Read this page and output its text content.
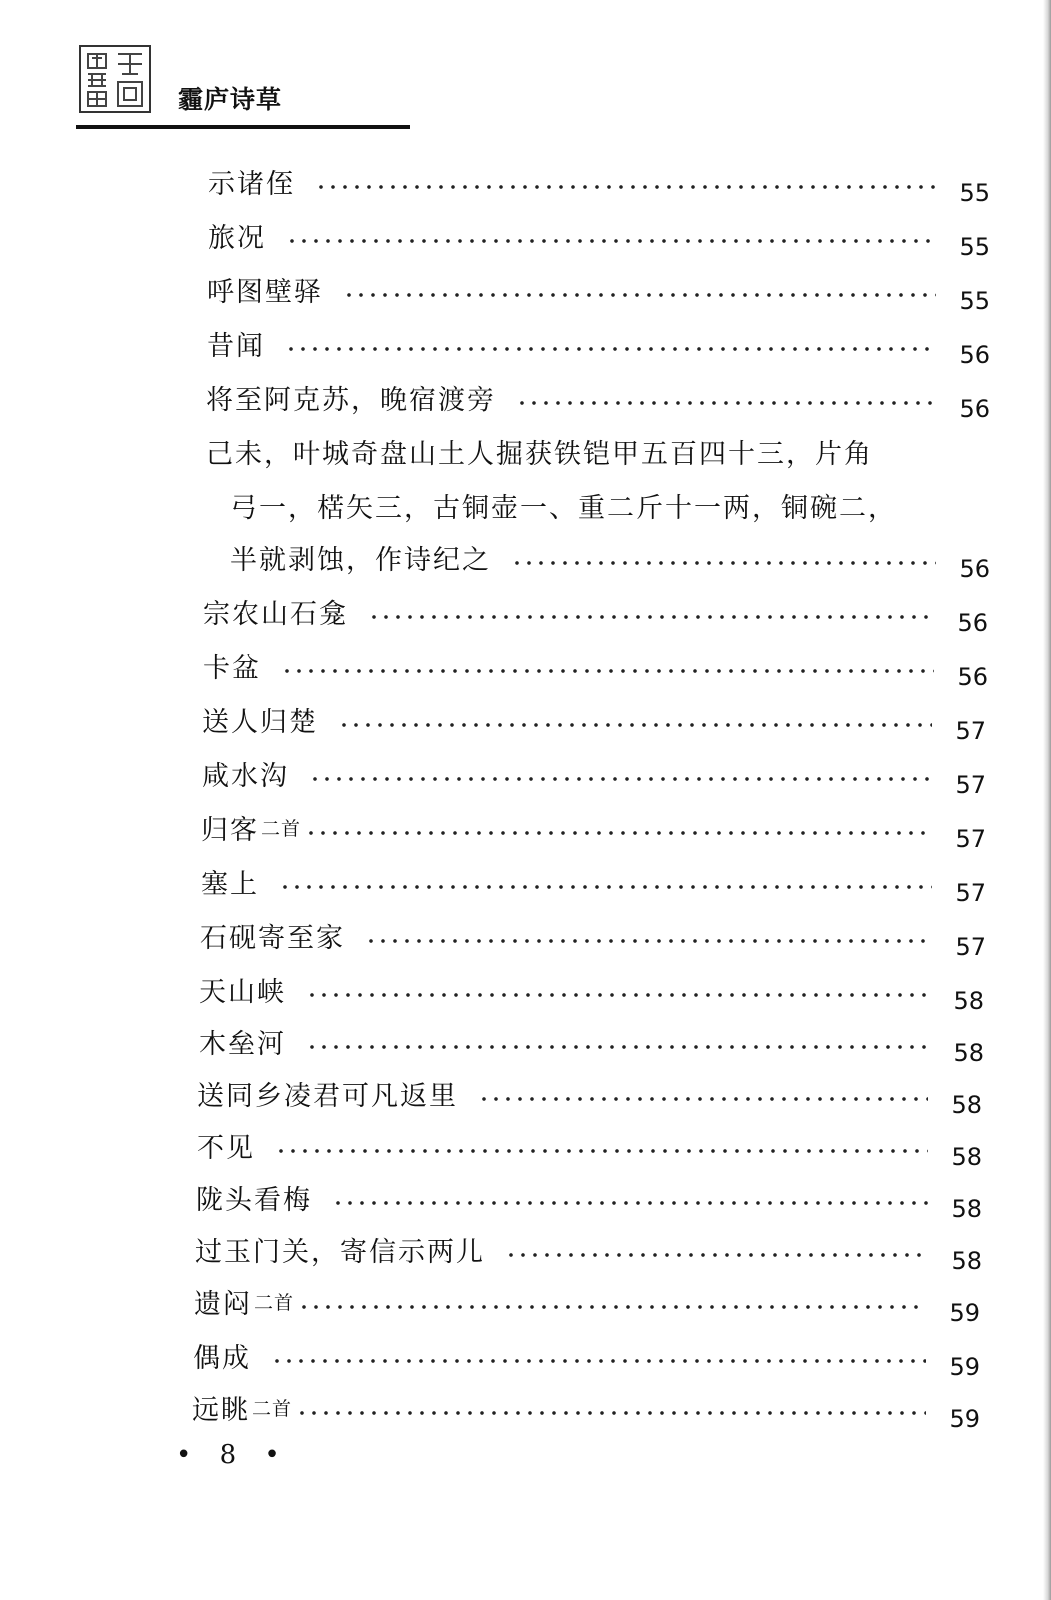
霾庐诗草
示诸侄	55
旅况	55
呼图壁驿	55
昔闻	56
将至阿克苏，晚宿渡旁	56
己未，叶城奇盘山土人掘获铁铠甲五百四十三，片角
弓一，楛矢三，古铜壶一、重二斤十一两，铜碗二，
半就剥蚀，作诗纪之	56
宗农山石龛	56
卡盆	56
送人归楚	57
咸水沟	57
归客 二首	57
塞上	57
石砚寄至家	57
天山峡	58
木垒河	58
送同乡凌君可凡返里	58
不见	58
陇头看梅	58
过玉门关，寄信示两儿	58
遗闷 二首	59
偶成	59
远眺 二首	59
• 8 •
